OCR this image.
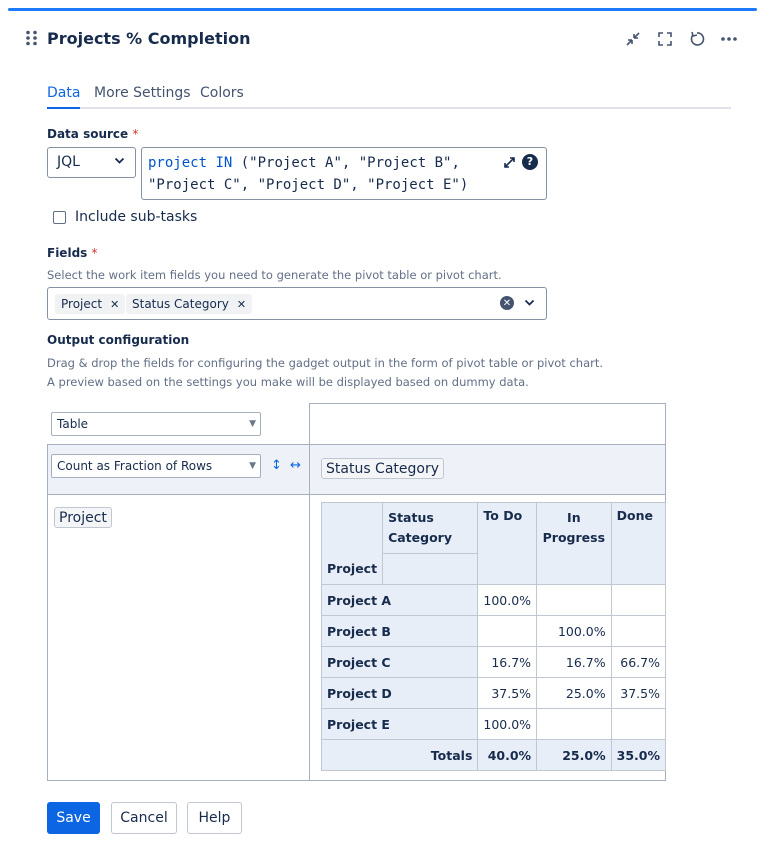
Projects % Completion
Data More Settings Colors
Data source *
JQL	project IN ("Project A", "Project B",
"Project C", "Project D", "Project E")
?
Include sub-tasks
Fields *
Select the work item fields you need to generate the pivot table or pivot chart.
Project ✕ Status Category ✕	✕
Output configuration
Drag & drop the fields for configuring the gadget output in the form of pivot table or pivot chart.
A preview based on the settings you make will be displayed based on dummy data.
Table	▼
Count as Fraction of Rows	▼ ↕ ↔	Status Category
Project
		Status Category	To Do	In Progress	Done
Project				
Project A		100.0%		
Project B			100.0%	
Project C		16.7%	16.7%	66.7%
Project D		37.5%	25.0%	37.5%
Project E		100.0%		
Totals		40.0%	25.0%	35.0%
Save	Cancel	Help
